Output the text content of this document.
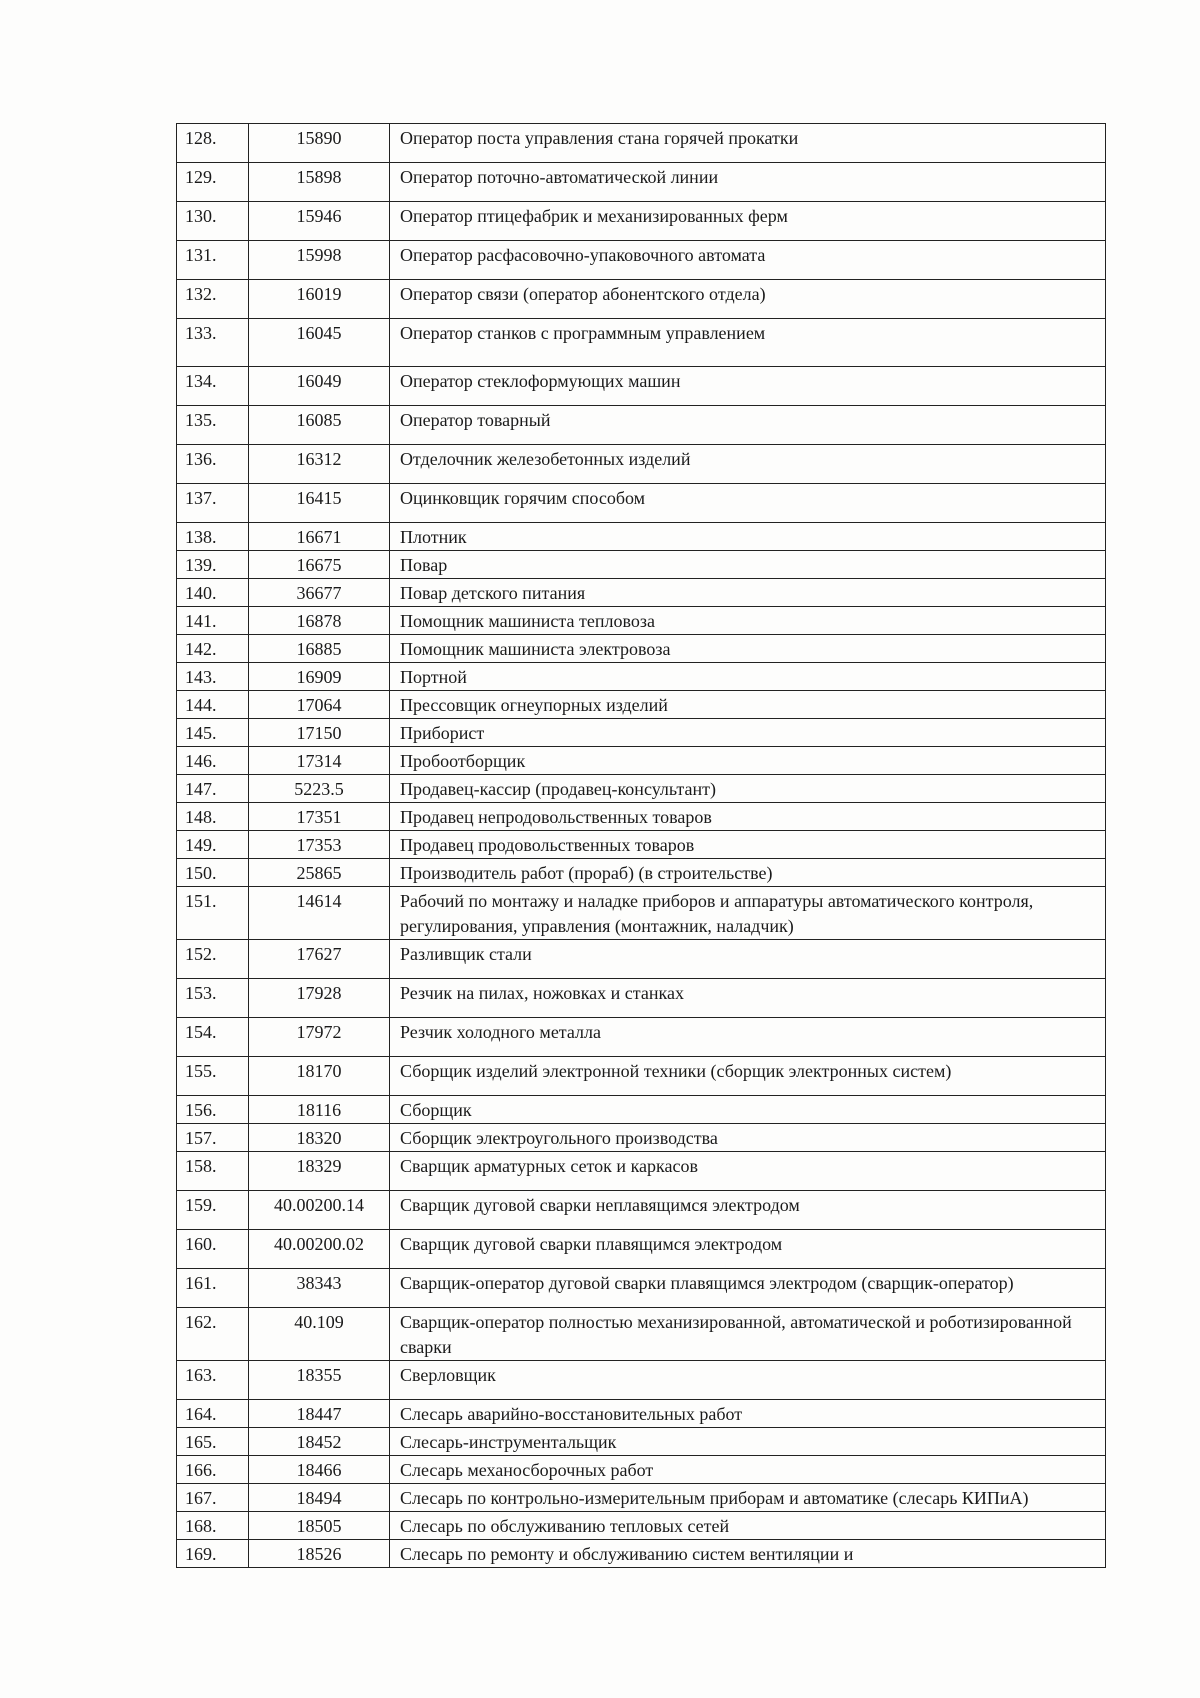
128.	15890	Оператор поста управления стана горячей прокатки
129.	15898	Оператор поточно-автоматической линии
130.	15946	Оператор птицефабрик и механизированных ферм
131.	15998	Оператор расфасовочно-упаковочного автомата
132.	16019	Оператор связи (оператор абонентского отдела)
133.	16045	Оператор станков с программным управлением
134.	16049	Оператор стеклоформующих машин
135.	16085	Оператор товарный
136.	16312	Отделочник железобетонных изделий
137.	16415	Оцинковщик горячим способом
138.	16671	Плотник
139.	16675	Повар
140.	36677	Повар детского питания
141.	16878	Помощник машиниста тепловоза
142.	16885	Помощник машиниста электровоза
143.	16909	Портной
144.	17064	Прессовщик огнеупорных изделий
145.	17150	Приборист
146.	17314	Пробоотборщик
147.	5223.5	Продавец-кассир (продавец-консультант)
148.	17351	Продавец непродовольственных товаров
149.	17353	Продавец продовольственных товаров
150.	25865	Производитель работ (прораб) (в строительстве)
151.	14614	Рабочий по монтажу и наладке приборов и аппаратуры автоматического контроля, регулирования, управления (монтажник, наладчик)
152.	17627	Разливщик стали
153.	17928	Резчик на пилах, ножовках и станках
154.	17972	Резчик холодного металла
155.	18170	Сборщик изделий электронной техники (сборщик электронных систем)
156.	18116	Сборщик
157.	18320	Сборщик электроугольного производства
158.	18329	Сварщик арматурных сеток и каркасов
159.	40.00200.14	Сварщик дуговой сварки неплавящимся электродом
160.	40.00200.02	Сварщик дуговой сварки плавящимся электродом
161.	38343	Сварщик-оператор дуговой сварки плавящимся электродом (сварщик-оператор)
162.	40.109	Сварщик-оператор полностью механизированной, автоматической и роботизированной сварки
163.	18355	Сверловщик
164.	18447	Слесарь аварийно-восстановительных работ
165.	18452	Слесарь-инструментальщик
166.	18466	Слесарь механосборочных работ
167.	18494	Слесарь по контрольно-измерительным приборам и автоматике (слесарь КИПиА)
168.	18505	Слесарь по обслуживанию тепловых сетей
169.	18526	Слесарь по ремонту и обслуживанию систем вентиляции и
